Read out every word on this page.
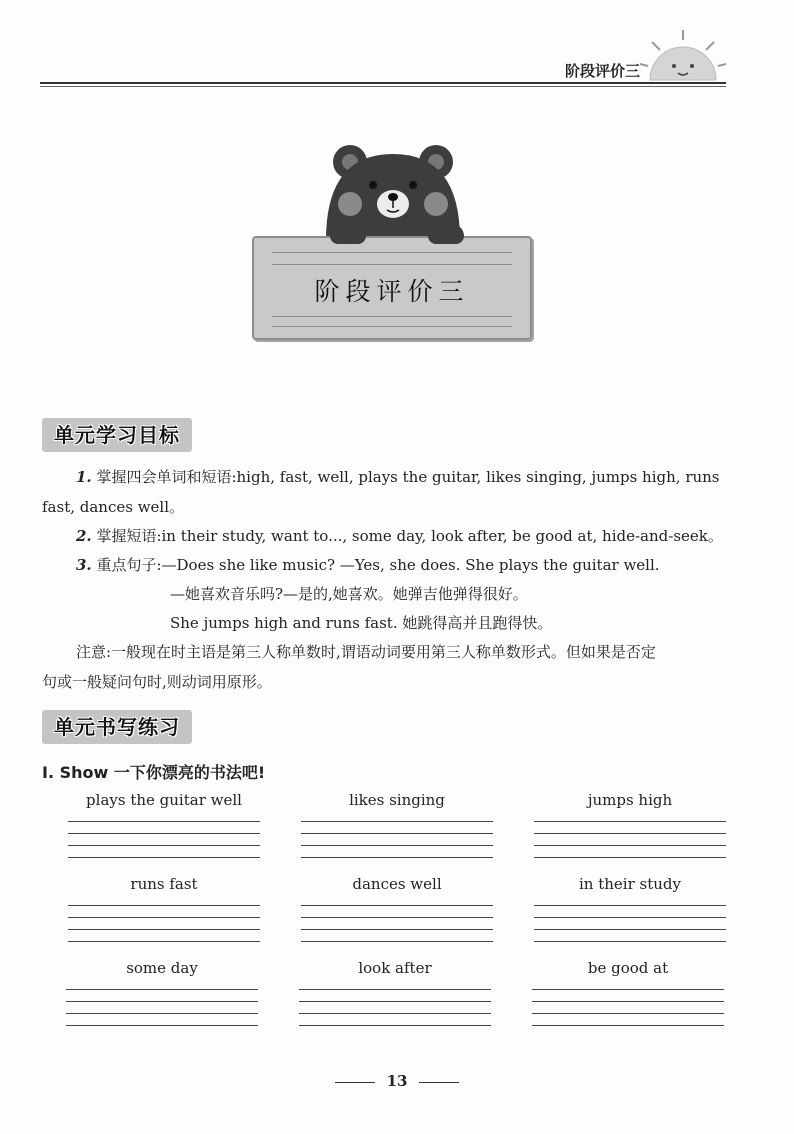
阶段评价三
阶段评价三
单元学习目标
1. 掌握四会单词和短语:high, fast, well, plays the guitar, likes singing, jumps high, runs
fast, dances well。
2. 掌握短语:in their study, want to..., some day, look after, be good at, hide-and-seek。
3. 重点句子:—Does she like music? —Yes, she does. She plays the guitar well.
—她喜欢音乐吗?—是的,她喜欢。她弹吉他弹得很好。
She jumps high and runs fast. 她跳得高并且跑得快。
注意:一般现在时主语是第三人称单数时,谓语动词要用第三人称单数形式。但如果是否定
句或一般疑问句时,则动词用原形。
单元书写练习
Ⅰ. Show 一下你漂亮的书法吧!
plays the guitar well	likes singing	jumps high
runs fast	dances well	in their study
some day	look after	be good at
13
